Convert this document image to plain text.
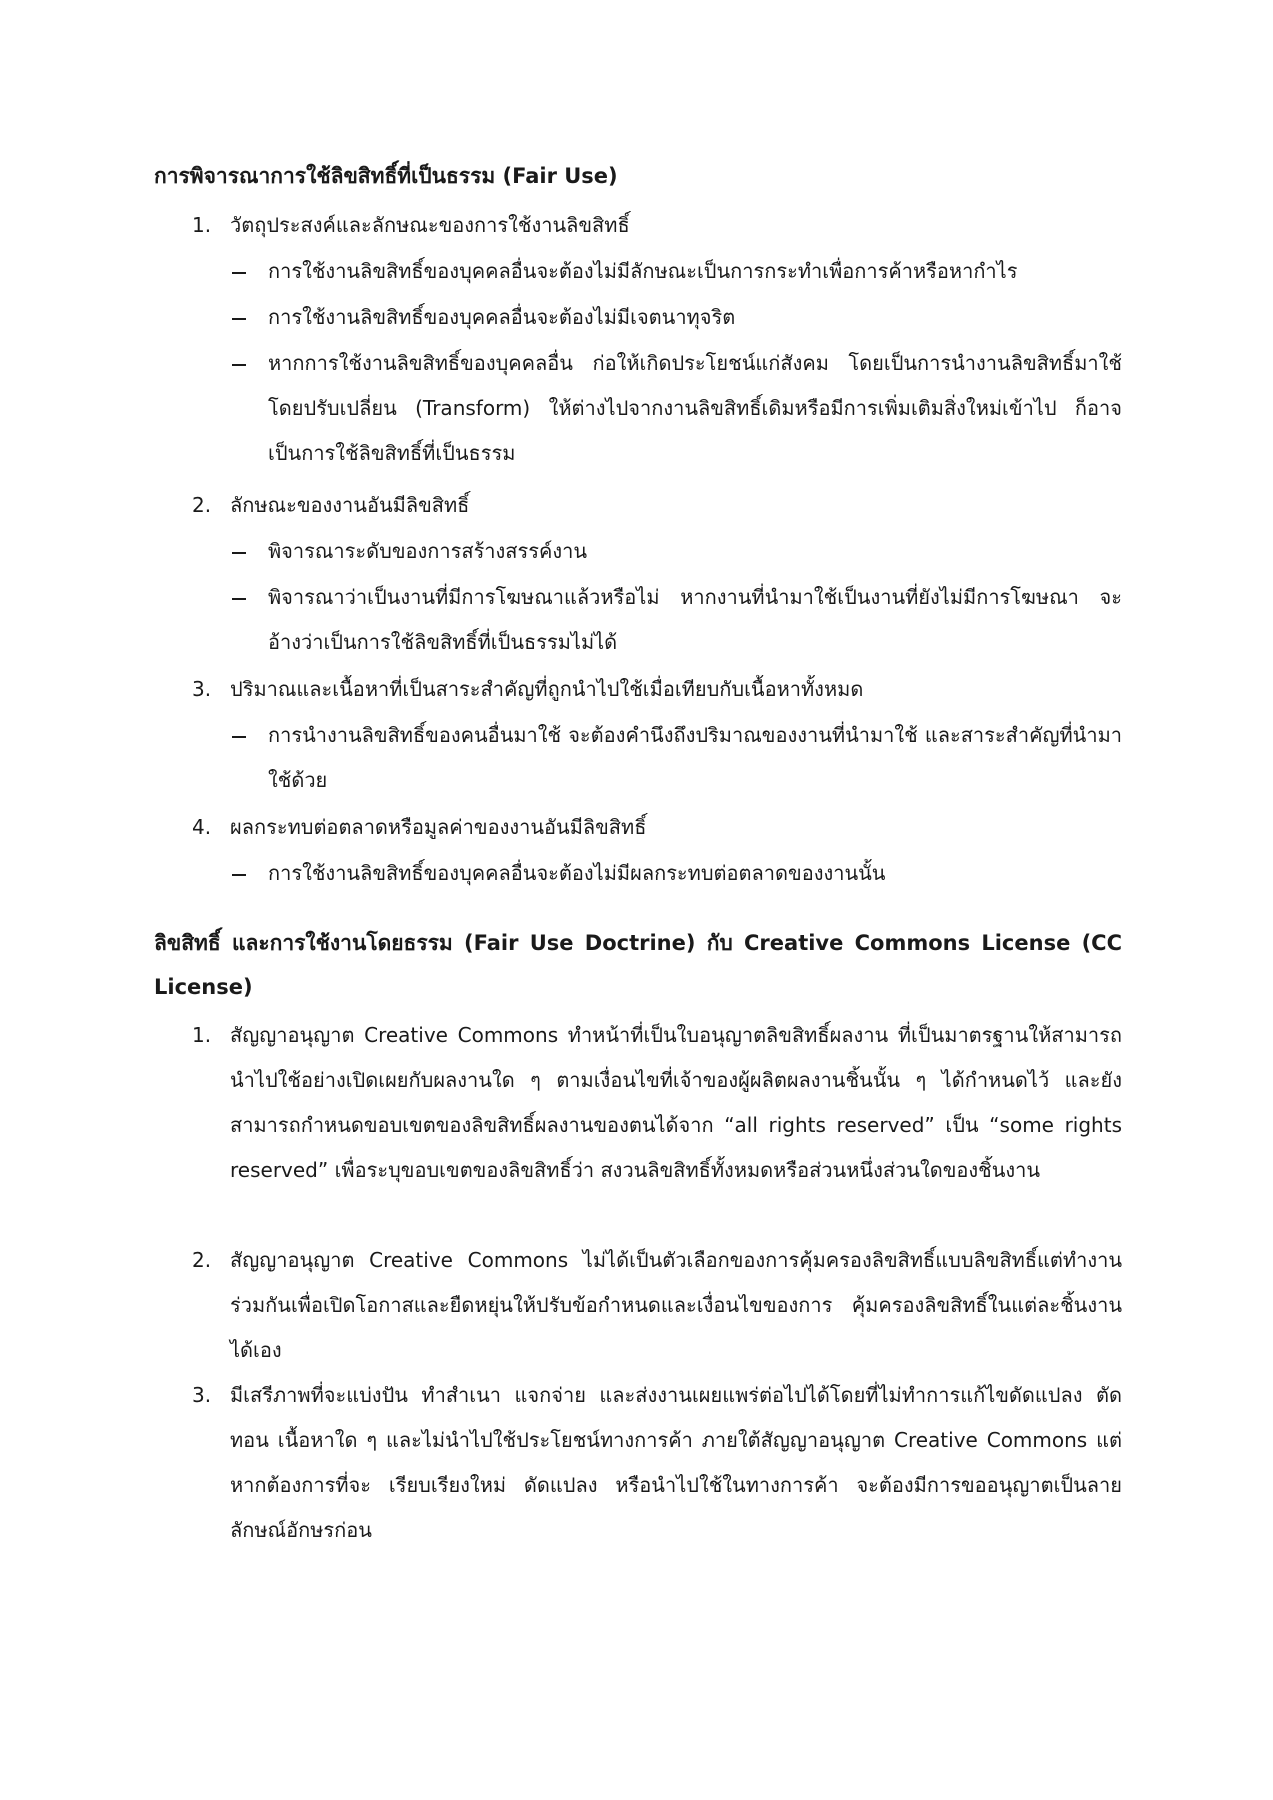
การพิจารณาการใช้ลิขสิทธิ์ที่เป็นธรรม (Fair Use)
1. วัตถุประสงค์และลักษณะของการใช้งานลิขสิทธิ์

การใช้งานลิขสิทธิ์ของบุคคลอื่นจะต้องไม่มีลักษณะเป็นการกระทำเพื่อการค้าหรือหากำไร

การใช้งานลิขสิทธิ์ของบุคคลอื่นจะต้องไม่มีเจตนาทุจริต

หากการใช้งานลิขสิทธิ์ของบุคคลอื่น ก่อให้เกิดประโยชน์แก่สังคม โดยเป็นการนำงานลิขสิทธิ์มาใช้ โดยปรับเปลี่ยน (Transform) ให้ต่างไปจากงานลิขสิทธิ์เดิมหรือมีการเพิ่มเติมสิ่งใหม่เข้าไป ก็อาจเป็นการใช้ลิขสิทธิ์ที่เป็นธรรม

2. ลักษณะของงานอันมีลิขสิทธิ์

พิจารณาระดับของการสร้างสรรค์งาน

พิจารณาว่าเป็นงานที่มีการโฆษณาแล้วหรือไม่ หากงานที่นำมาใช้เป็นงานที่ยังไม่มีการโฆษณา จะอ้างว่าเป็นการใช้ลิขสิทธิ์ที่เป็นธรรมไม่ได้

3. ปริมาณและเนื้อหาที่เป็นสาระสำคัญที่ถูกนำไปใช้เมื่อเทียบกับเนื้อหาทั้งหมด

การนำงานลิขสิทธิ์ของคนอื่นมาใช้ จะต้องคำนึงถึงปริมาณของงานที่นำมาใช้ และสาระสำคัญที่นำมาใช้ด้วย

4. ผลกระทบต่อตลาดหรือมูลค่าของงานอันมีลิขสิทธิ์

การใช้งานลิขสิทธิ์ของบุคคลอื่นจะต้องไม่มีผลกระทบต่อตลาดของงานนั้น

ลิขสิทธิ์ และการใช้งานโดยธรรม (Fair Use Doctrine) กับ Creative Commons License (CC License)
1. สัญญาอนุญาต Creative Commons ทำหน้าที่เป็นใบอนุญาตลิขสิทธิ์ผลงาน ที่เป็นมาตรฐานให้สามารถนำไปใช้อย่างเปิดเผยกับผลงานใด ๆ ตามเงื่อนไขที่เจ้าของผู้ผลิตผลงานชิ้นนั้น ๆ ได้กำหนดไว้ และยังสามารถกำหนดขอบเขตของลิขสิทธิ์ผลงานของตนได้จาก “all rights reserved” เป็น “some rights reserved” เพื่อระบุขอบเขตของลิขสิทธิ์ว่า สงวนลิขสิทธิ์ทั้งหมดหรือส่วนหนึ่งส่วนใดของชิ้นงาน

2. สัญญาอนุญาต Creative Commons ไม่ได้เป็นตัวเลือกของการคุ้มครองลิขสิทธิ์แบบลิขสิทธิ์แต่ทำงานร่วมกันเพื่อเปิดโอกาสและยืดหยุ่นให้ปรับข้อกำหนดและเงื่อนไขของการ คุ้มครองลิขสิทธิ์ในแต่ละชิ้นงานได้เอง

3. มีเสรีภาพที่จะแบ่งปัน ทำสำเนา แจกจ่าย และส่งงานเผยแพร่ต่อไปได้โดยที่ไม่ทำการแก้ไขดัดแปลง ตัดทอน เนื้อหาใด ๆ และไม่นำไปใช้ประโยชน์ทางการค้า ภายใต้สัญญาอนุญาต Creative Commons แต่หากต้องการที่จะ เรียบเรียงใหม่ ดัดแปลง หรือนำไปใช้ในทางการค้า จะต้องมีการขออนุญาตเป็นลายลักษณ์อักษรก่อน
